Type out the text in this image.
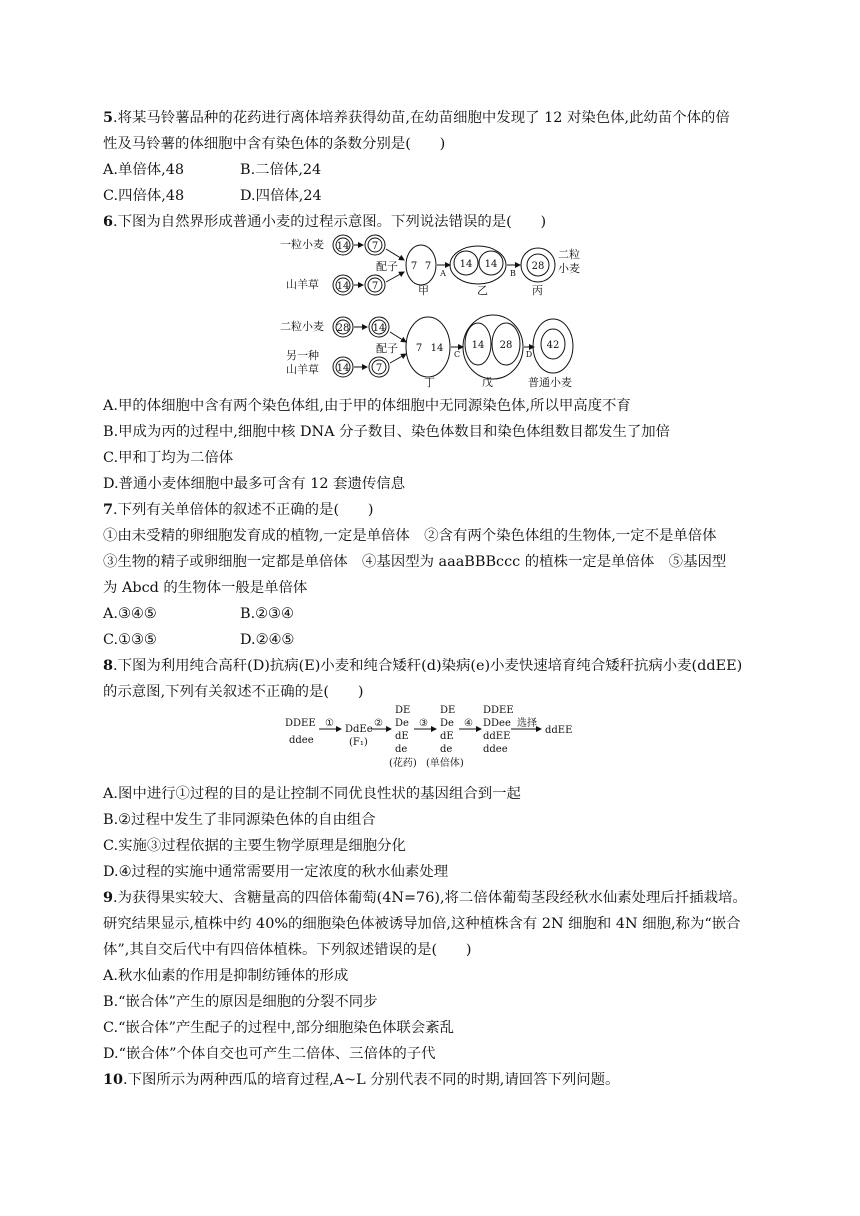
5.将某马铃薯品种的花药进行离体培养获得幼苗,在幼苗细胞中发现了 12 对染色体,此幼苗个体的倍
性及马铃薯的体细胞中含有染色体的条数分别是(　　)
A.单倍体,48	B.二倍体,24
C.四倍体,48	D.四倍体,24
6.下图为自然界形成普通小麦的过程示意图。下列说法错误的是(　　)
一粒小麦
山羊草
二粒小麦
另一种
山羊草
二粒
小麦
配子
配子
甲	乙	丙
丁	戊	普通小麦
14 7
14 7
7 7	14 14	28
28 14
14	7
7 14	14 28	42
A	B
C	D
A.甲的体细胞中含有两个染色体组,由于甲的体细胞中无同源染色体,所以甲高度不育
B.甲成为丙的过程中,细胞中核 DNA 分子数目、染色体数目和染色体组数目都发生了加倍
C.甲和丁均为二倍体
D.普通小麦体细胞中最多可含有 12 套遗传信息
7.下列有关单倍体的叙述不正确的是(　　)
①由未受精的卵细胞发育成的植物,一定是单倍体　②含有两个染色体组的生物体,一定不是单倍体
③生物的精子或卵细胞一定都是单倍体　④基因型为 aaaBBBccc 的植株一定是单倍体　⑤基因型
为 Abcd 的生物体一般是单倍体
A.③④⑤	B.②③④
C.①③⑤	D.②④⑤
8.下图为利用纯合高秆(D)抗病(E)小麦和纯合矮秆(d)染病(e)小麦快速培育纯合矮秆抗病小麦(ddEE)
的示意图,下列有关叙述不正确的是(　　)
DDEE
ddee
①
DdEe
(F₁)
②
DE
De
dE
de
(花药)
③
DE
De
dE
de
(单倍体)
④
DDEE
DDee
ddEE
ddee
选择
ddEE
A.图中进行①过程的目的是让控制不同优良性状的基因组合到一起
B.②过程中发生了非同源染色体的自由组合
C.实施③过程依据的主要生物学原理是细胞分化
D.④过程的实施中通常需要用一定浓度的秋水仙素处理
9.为获得果实较大、含糖量高的四倍体葡萄(4N=76),将二倍体葡萄茎段经秋水仙素处理后扦插栽培。
研究结果显示,植株中约 40%的细胞染色体被诱导加倍,这种植株含有 2N 细胞和 4N 细胞,称为“嵌合
体”,其自交后代中有四倍体植株。下列叙述错误的是(　　)
A.秋水仙素的作用是抑制纺锤体的形成
B.“嵌合体”产生的原因是细胞的分裂不同步
C.“嵌合体”产生配子的过程中,部分细胞染色体联会紊乱
D.“嵌合体”个体自交也可产生二倍体、三倍体的子代
10.下图所示为两种西瓜的培育过程,A~L 分别代表不同的时期,请回答下列问题。
